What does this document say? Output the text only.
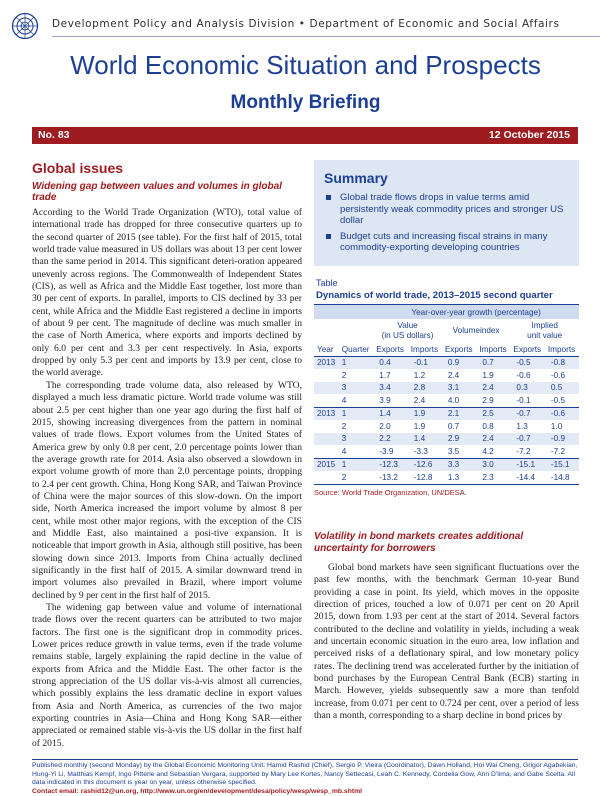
Development Policy and Analysis Division • Department of Economic and Social Affairs
World Economic Situation and Prospects
Monthly Briefing
No. 83	12 October 2015
Global issues
Widening gap between values and volumes in global trade

According to the World Trade Organization (WTO), total value of international trade has dropped for three consecutive quarters up to the second quarter of 2015 (see table). For the first half of 2015, total world trade value measured in US dollars was about 13 per cent lower than the same period in 2014. This significant deteri-oration appeared unevenly across regions. The Commonwealth of Independent States (CIS), as well as Africa and the Middle East together, lost more than 30 per cent of exports. In parallel, imports to CIS declined by 33 per cent, while Africa and the Middle East registered a decline in imports of about 9 per cent. The magnitude of decline was much smaller in the case of North America, where exports and imports declined by only 6.0 per cent and 3.3 per cent respectively. In Asia, exports dropped by only 5.3 per cent and imports by 13.9 per cent, close to the world average.

The corresponding trade volume data, also released by WTO, displayed a much less dramatic picture. World trade volume was still about 2.5 per cent higher than one year ago during the first half of 2015, showing increasing divergences from the pattern in nominal values of trade flows. Export volumes from the United States of America grew by only 0.8 per cent, 2.0 percentage points lower than the average growth rate for 2014. Asia also observed a slowdown in export volume growth of more than 2.0 percentage points, dropping to 2.4 per cent growth. China, Hong Kong SAR, and Taiwan Province of China were the major sources of this slow-down. On the import side, North America increased the import volume by almost 8 per cent, while most other major regions, with the exception of the CIS and Middle East, also maintained a posi-tive expansion. It is noticeable that import growth in Asia, although still positive, has been slowing down since 2013. Imports from China actually declined significantly in the first half of 2015. A similar downward trend in import volumes also prevailed in Brazil, where import volume declined by 9 per cent in the first half of 2015.

The widening gap between value and volume of international trade flows over the recent quarters can be attributed to two major factors. The first one is the significant drop in commodity prices. Lower prices reduce growth in value terms, even if the trade volume remains stable, largely explaining the rapid decline in the value of exports from Africa and the Middle East. The other factor is the strong appreciation of the US dollar vis-à-vis almost all currencies, which possibly explains the less dramatic decline in export values from Asia and North America, as currencies of the two major exporting countries in Asia—China and Hong Kong SAR—either appreciated or remained stable vis-à-vis the US dollar in the first half of 2015.

Summary
Global trade flows drops in value terms amid persistently weak commodity prices and stronger US dollar
Budget cuts and increasing fiscal strains in many commodity-exporting developing countries
Table
Dynamics of world trade, 2013–2015 second quarter
		Year-over-year growth (percentage)					
		Value
(in US dollars)		Volumeindex		Implied
unit value	
Year	Quarter	Exports	Imports	Exports	Imports	Exports	Imports
2013	1	0.4	-0.1	0.9	0.7	-0.5	-0.8
	2	1.7	1.2	2.4	1.9	-0.6	-0.6
	3	3.4	2.8	3.1	2.4	0.3	0.5
	4	3.9	2.4	4.0	2.9	-0.1	-0.5
2013	1	1.4	1.9	2.1	2.5	-0.7	-0.6
	2	2.0	1.9	0.7	0.8	1.3	1.0
	3	2.2	1.4	2.9	2.4	-0.7	-0.9
	4	-3.9	-3.3	3.5	4.2	-7.2	-7.2
2015	1	-12.3	-12.6	3.3	3.0	-15.1	-15.1
	2	-13.2	-12.8	1.3	2.3	-14.4	-14.8
Source: World Trade Organization, UN/DESA.
Volatility in bond markets creates additional uncertainty for borrowers

Global bond markets have seen significant fluctuations over the past few months, with the benchmark German 10-year Bund providing a case in point. Its yield, which moves in the opposite direction of prices, touched a low of 0.071 per cent on 20 April 2015, down from 1.93 per cent at the start of 2014. Several factors contributed to the decline and volatility in yields, including a weak and uncertain economic situation in the euro area, low inflation and perceived risks of a deflationary spiral, and low monetary policy rates. The declining trend was accelerated further by the initiation of bond purchases by the European Central Bank (ECB) starting in March. However, yields subsequently saw a more than tenfold increase, from 0.071 per cent to 0.724 per cent, over a period of less than a month, corresponding to a sharp decline in bond prices by

Published monthly (second Monday) by the Global Economic Monitoring Unit: Hamid Rashid (Chief), Sergio P. Vieira (Coordinator), Dawn Holland, Hoi Wai Cheng, Grigor Agabekian, Hung-Yi Li, Matthias Kempf, Ingo Pitterle and Sebastian Vergara, supported by Mary Lee Kortes, Nancy Settecasi, Leah C. Kennedy, Cordelia Gow, Ann D'lima, and Gabe Scelta. All data indicated in this document is year on year, unless otherwise specified.
Contact email: rashid12@un.org, http://www.un.org/en/development/desa/policy/wesp/wesp_mb.shtml
